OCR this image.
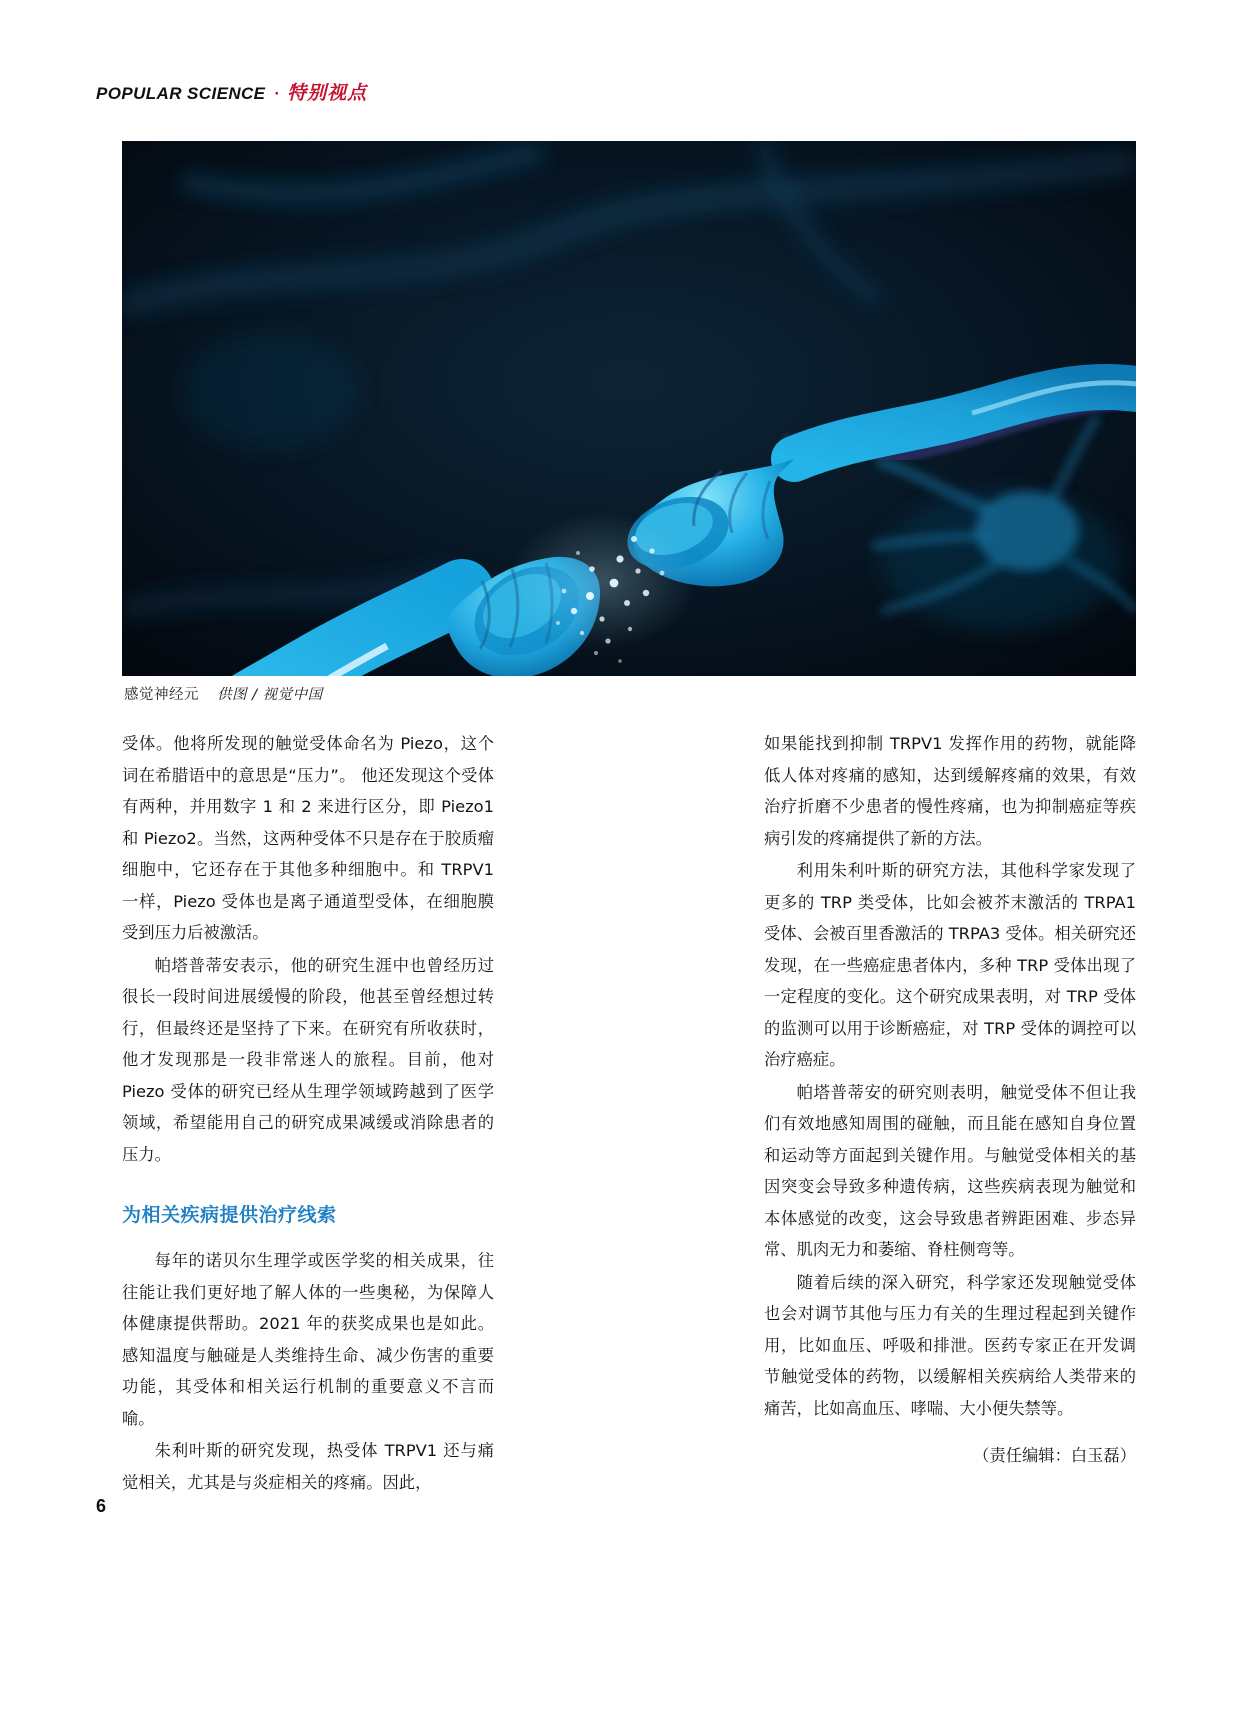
POPULAR SCIENCE · 特别视点
感觉神经元 供图 / 视觉中国

受体。他将所发现的触觉受体命名为 Piezo，这个词在希腊语中的意思是“压力”。 他还发现这个受体有两种，并用数字 1 和 2 来进行区分，即 Piezo1 和 Piezo2。当然，这两种受体不只是存在于胶质瘤细胞中，它还存在于其他多种细胞中。和 TRPV1 一样，Piezo 受体也是离子通道型受体，在细胞膜受到压力后被激活。

帕塔普蒂安表示，他的研究生涯中也曾经历过很长一段时间进展缓慢的阶段，他甚至曾经想过转行，但最终还是坚持了下来。在研究有所收获时，他才发现那是一段非常迷人的旅程。目前，他对 Piezo 受体的研究已经从生理学领域跨越到了医学领域，希望能用自己的研究成果减缓或消除患者的压力。

为相关疾病提供治疗线索

每年的诺贝尔生理学或医学奖的相关成果，往往能让我们更好地了解人体的一些奥秘，为保障人体健康提供帮助。2021 年的获奖成果也是如此。感知温度与触碰是人类维持生命、减少伤害的重要功能，其受体和相关运行机制的重要意义不言而喻。

朱利叶斯的研究发现，热受体 TRPV1 还与痛觉相关，尤其是与炎症相关的疼痛。因此，

如果能找到抑制 TRPV1 发挥作用的药物，就能降低人体对疼痛的感知，达到缓解疼痛的效果，有效治疗折磨不少患者的慢性疼痛，也为抑制癌症等疾病引发的疼痛提供了新的方法。

利用朱利叶斯的研究方法，其他科学家发现了更多的 TRP 类受体，比如会被芥末激活的 TRPA1 受体、会被百里香激活的 TRPA3 受体。相关研究还发现，在一些癌症患者体内，多种 TRP 受体出现了一定程度的变化。这个研究成果表明，对 TRP 受体的监测可以用于诊断癌症，对 TRP 受体的调控可以治疗癌症。

帕塔普蒂安的研究则表明，触觉受体不但让我们有效地感知周围的碰触，而且能在感知自身位置和运动等方面起到关键作用。与触觉受体相关的基因突变会导致多种遗传病，这些疾病表现为触觉和本体感觉的改变，这会导致患者辨距困难、步态异常、肌肉无力和萎缩、脊柱侧弯等。

随着后续的深入研究，科学家还发现触觉受体也会对调节其他与压力有关的生理过程起到关键作用，比如血压、呼吸和排泄。医药专家正在开发调节触觉受体的药物，以缓解相关疾病给人类带来的痛苦，比如高血压、哮喘、大小便失禁等。

（责任编辑：白玉磊）

6
